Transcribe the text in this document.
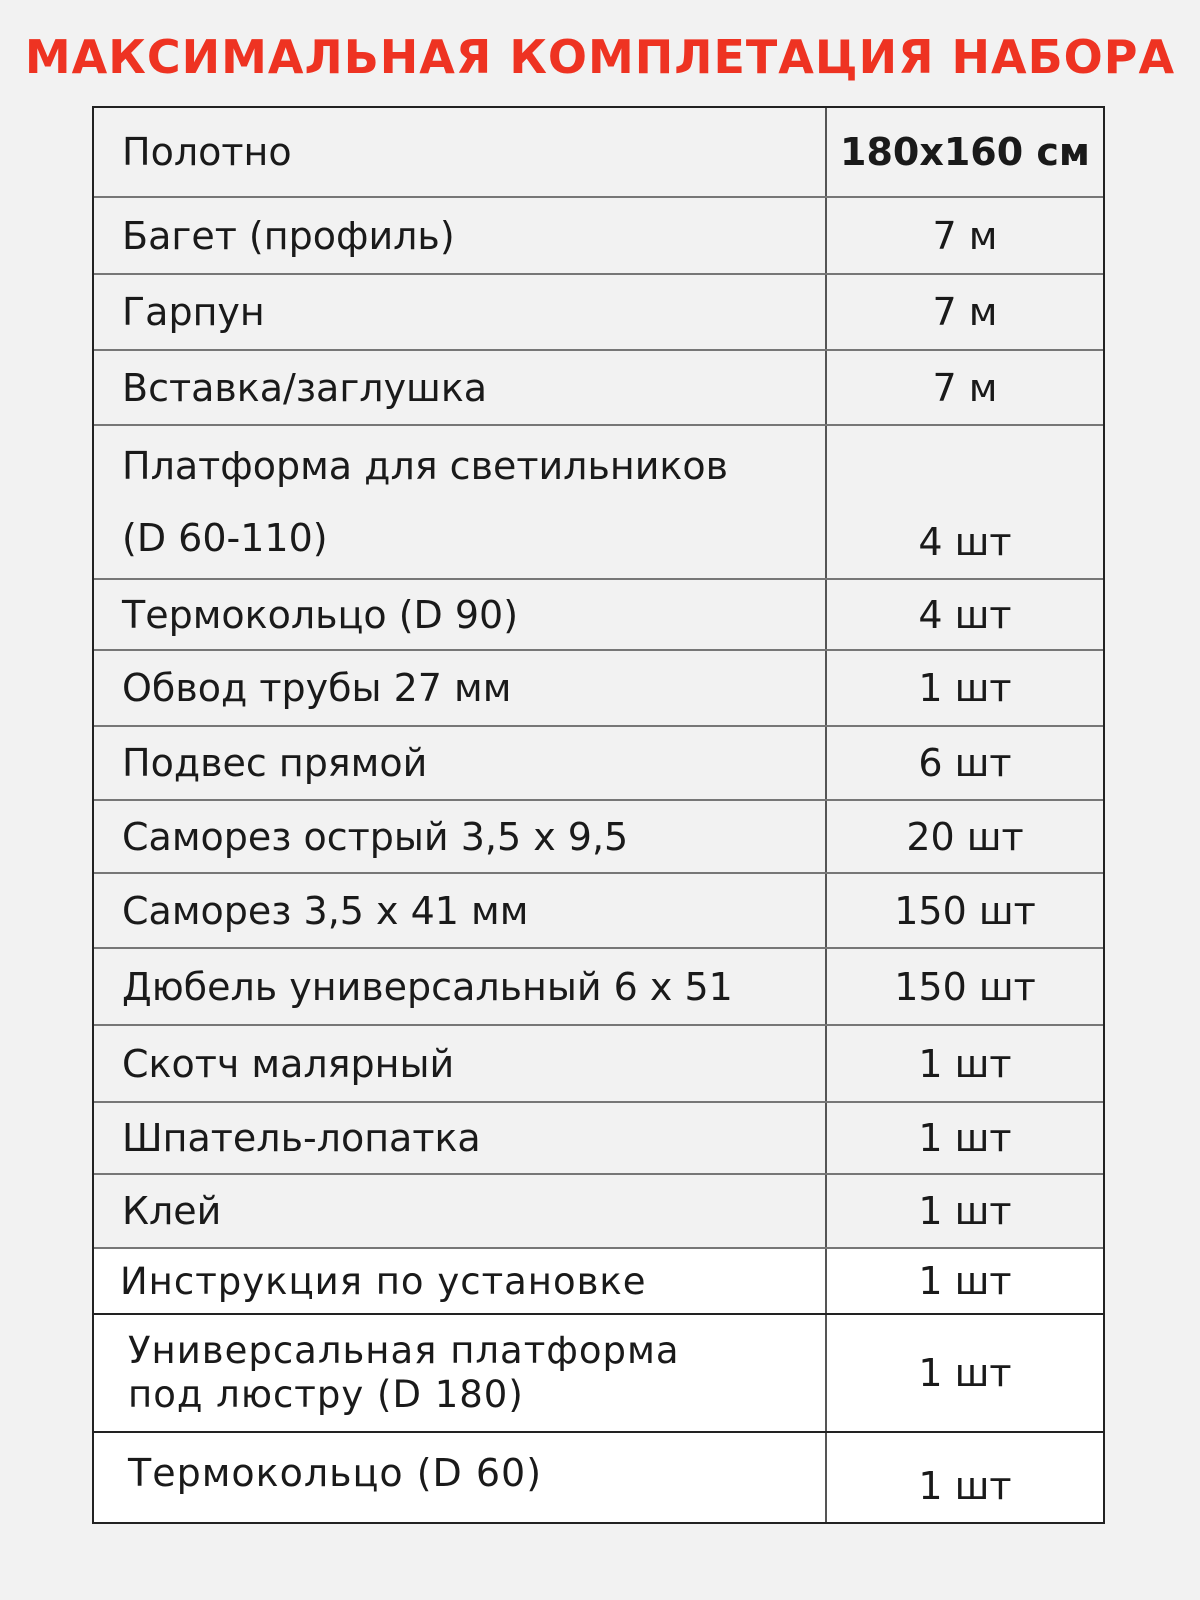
МАКСИМАЛЬНАЯ КОМПЛЕТАЦИЯ НАБОРА
Полотно	180х160 см
Багет (профиль)	7 м
Гарпун	7 м
Вставка/заглушка	7 м
Платформа для светильников
(D 60-110)	4 шт
Термокольцо (D 90)	4 шт
Обвод трубы 27 мм	1 шт
Подвес прямой	6 шт
Саморез острый 3,5 х 9,5	20 шт
Саморез 3,5 х 41 мм	150 шт
Дюбель универсальный 6 х 51	150 шт
Скотч малярный	1 шт
Шпатель-лопатка	1 шт
Клей	1 шт
Инструкция по установке	1 шт
Универсальная платформа
под люстру (D 180)	1 шт
Термокольцо (D 60)	1 шт
